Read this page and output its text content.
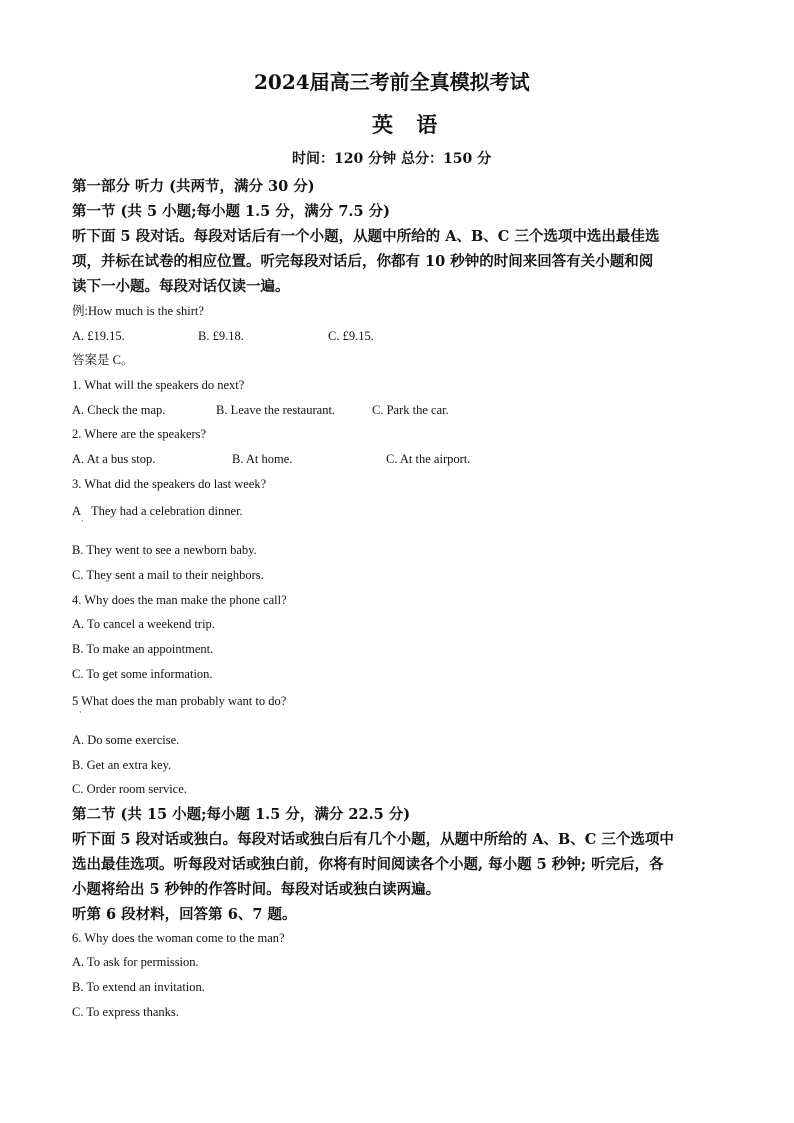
2024届高三考前全真模拟考试
英 语
时间：120 分钟 总分：150 分
第一部分 听力 (共两节，满分 30 分)
第一节 (共 5 小题;每小题 1.5 分，满分 7.5 分)
听下面 5 段对话。每段对话后有一个小题，从题中所给的 A、B、C 三个选项中选出最佳选
项，并标在试卷的相应位置。听完每段对话后，你都有 10 秒钟的时间来回答有关小题和阅
读下一小题。每段对话仅读一遍。
例:How much is the shirt?
A. £19.15.	B. £9.18.	C. £9.15.
答案是 C。
1. What will the speakers do next?
A. Check the map.	B. Leave the restaurant.	C. Park the car.
2. Where are the speakers?
A. At a bus stop.	B. At home.	C. At the airport.
3. What did the speakers do last week?
A
·
They had a celebration dinner.
B. They went to see a newborn baby.
C. They sent a mail to their neighbors.
4. Why does the man make the phone call?
A. To cancel a weekend trip.
B. To make an appointment.
C. To get some information.
5 What does the man probably want to do?
·
A. Do some exercise.
B. Get an extra key.
C. Order room service.
第二节 (共 15 小题;每小题 1.5 分，满分 22.5 分)
听下面 5 段对话或独白。每段对话或独白后有几个小题，从题中所给的 A、B、C 三个选项中
选出最佳选项。听每段对话或独白前，你将有时间阅读各个小题, 每小题 5 秒钟; 听完后，各
小题将给出 5 秒钟的作答时间。每段对话或独白读两遍。
听第 6 段材料，回答第 6、7 题。
6. Why does the woman come to the man?
A. To ask for permission.
B. To extend an invitation.
C. To express thanks.
